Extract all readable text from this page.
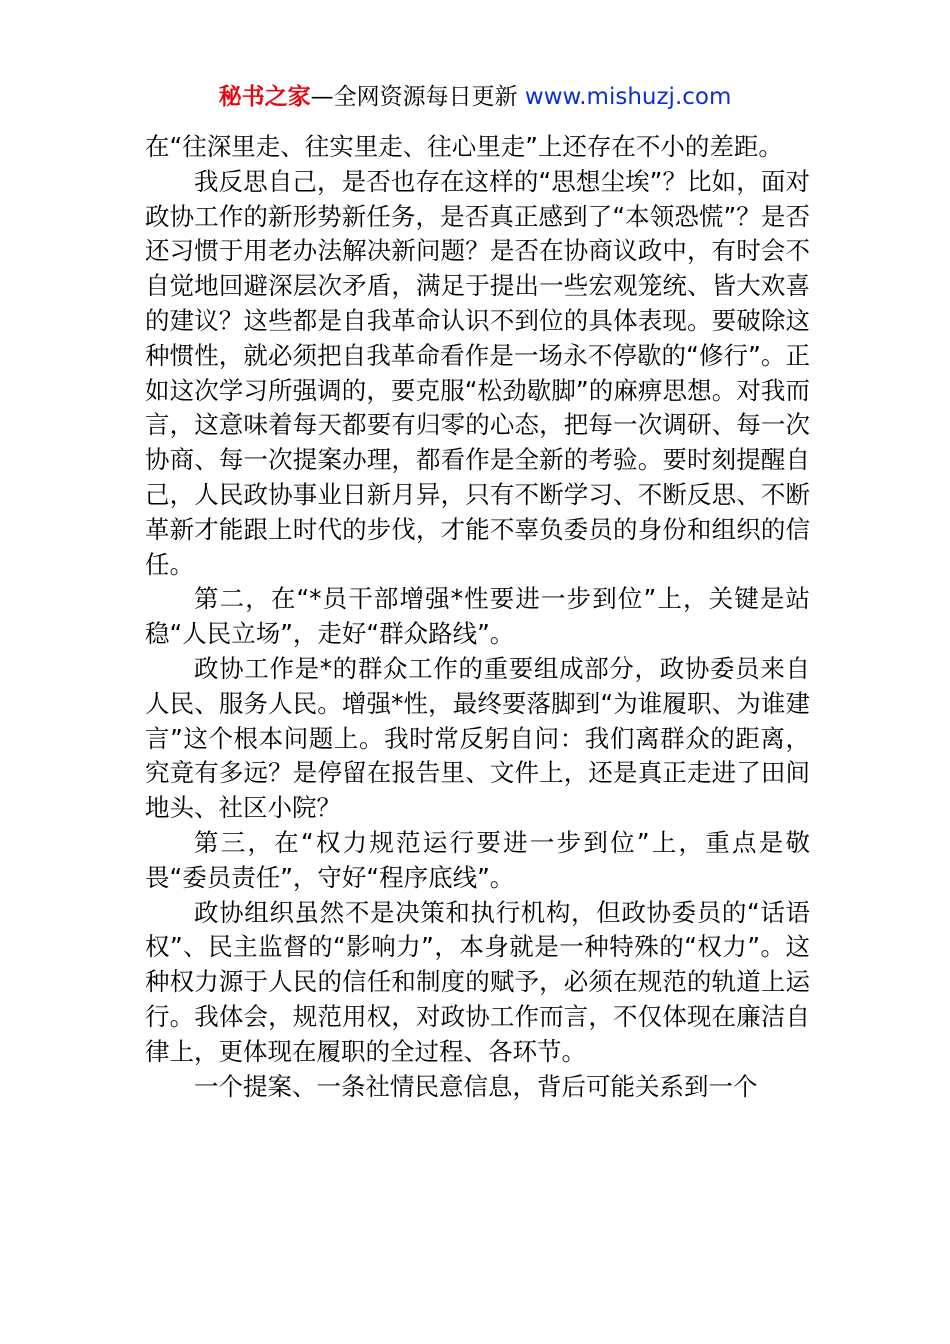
秘书之家—全网资源每日更新 www.mishuzj.com

在“往深里走、往实里走、往心里走”上还存在不小的差距。

我反思自己，是否也存在这样的“思想尘埃”？比如，面对政协工作的新形势新任务，是否真正感到了“本领恐慌”？是否还习惯于用老办法解决新问题？是否在协商议政中，有时会不自觉地回避深层次矛盾，满足于提出一些宏观笼统、皆大欢喜的建议？这些都是自我革命认识不到位的具体表现。要破除这种惯性，就必须把自我革命看作是一场永不停歇的“修行”。正如这次学习所强调的，要克服“松劲歇脚”的麻痹思想。对我而言，这意味着每天都要有归零的心态，把每一次调研、每一次协商、每一次提案办理，都看作是全新的考验。要时刻提醒自己，人民政协事业日新月异，只有不断学习、不断反思、不断革新才能跟上时代的步伐，才能不辜负委员的身份和组织的信任。

第二，在“*员干部增强*性要进一步到位”上，关键是站稳“人民立场”，走好“群众路线”。

政协工作是*的群众工作的重要组成部分，政协委员来自人民、服务人民。增强*性，最终要落脚到“为谁履职、为谁建言”这个根本问题上。我时常反躬自问：我们离群众的距离，究竟有多远？是停留在报告里、文件上，还是真正走进了田间地头、社区小院？

第三，在“权力规范运行要进一步到位”上，重点是敬畏“委员责任”，守好“程序底线”。

政协组织虽然不是决策和执行机构，但政协委员的“话语权”、民主监督的“影响力”，本身就是一种特殊的“权力”。这种权力源于人民的信任和制度的赋予，必须在规范的轨道上运行。我体会，规范用权，对政协工作而言，不仅体现在廉洁自律上，更体现在履职的全过程、各环节。

一个提案、一条社情民意信息，背后可能关系到一个
